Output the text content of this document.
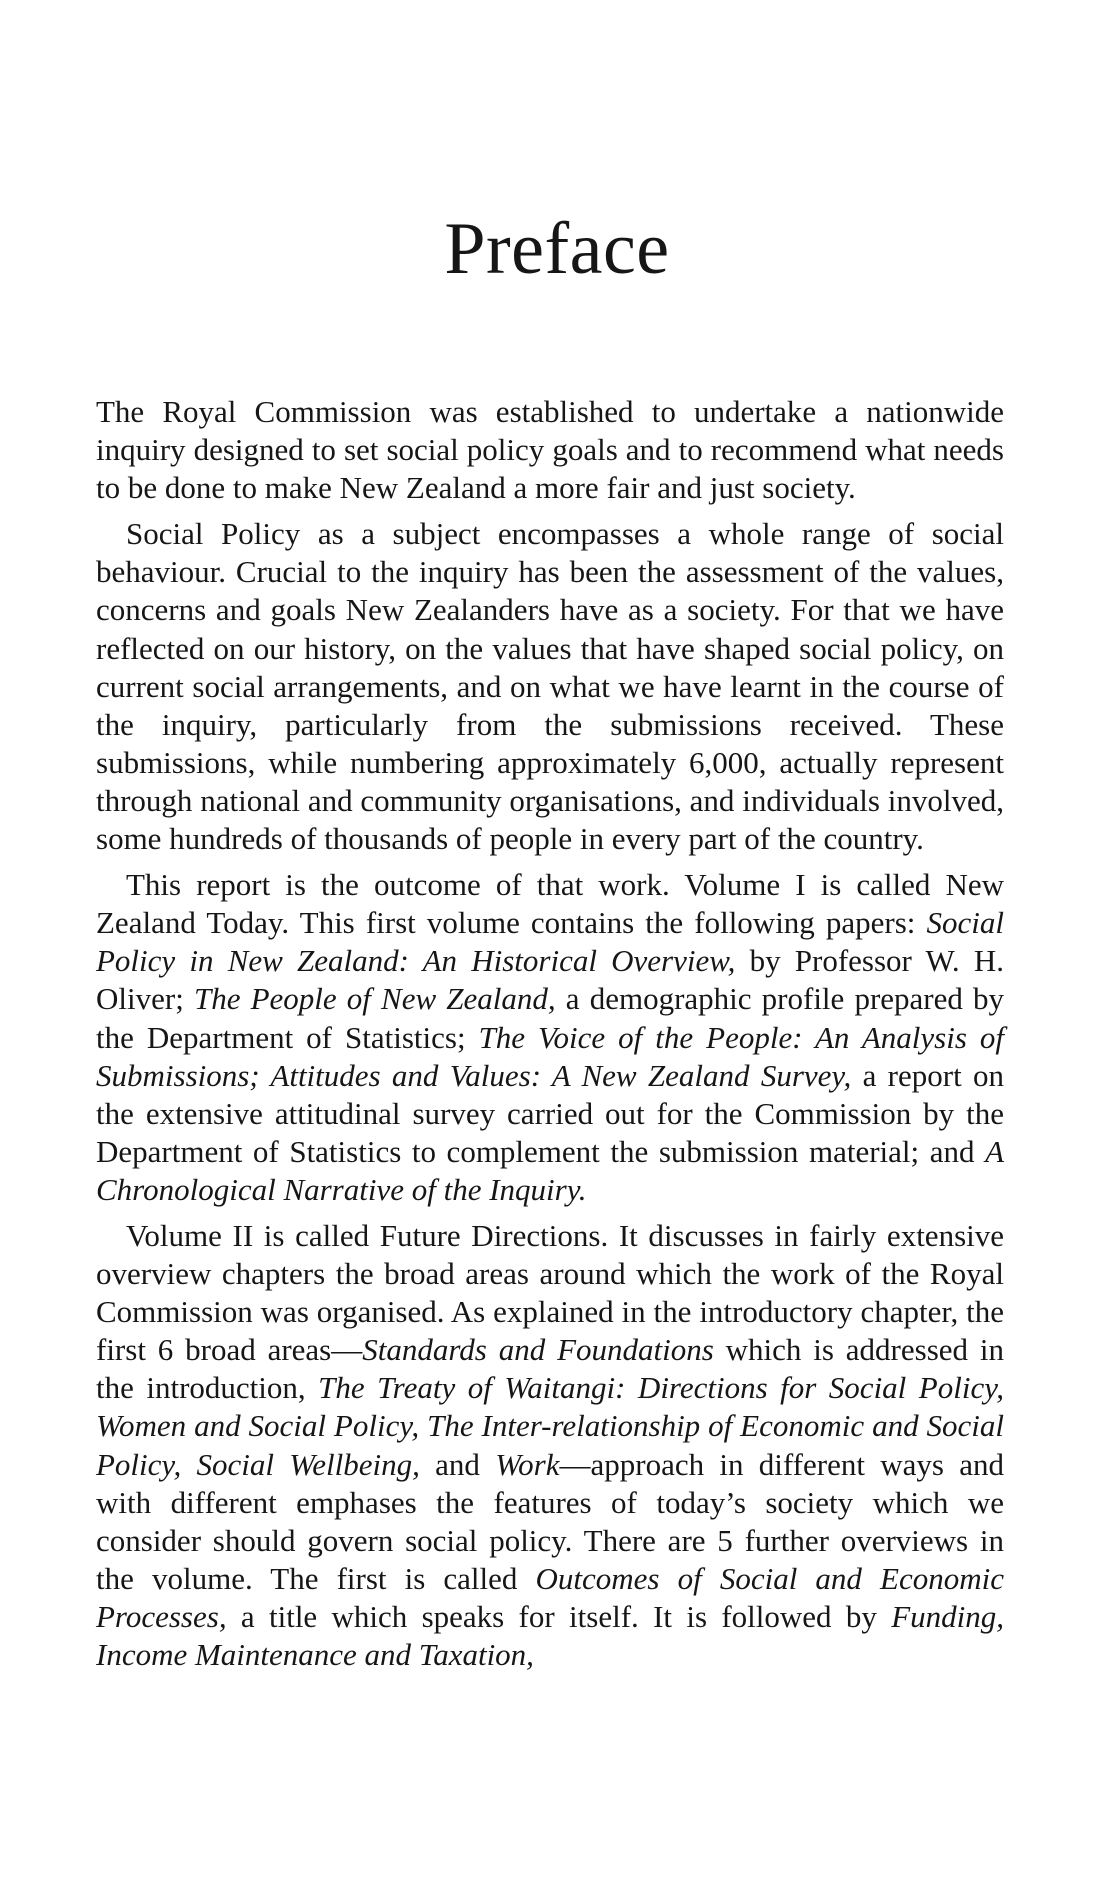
Preface

The Royal Commission was established to undertake a nationwide inquiry designed to set social policy goals and to recommend what needs to be done to make New Zealand a more fair and just society.

Social Policy as a subject encompasses a whole range of social behaviour. Crucial to the inquiry has been the assessment of the values, concerns and goals New Zealanders have as a society. For that we have reflected on our history, on the values that have shaped social policy, on current social arrangements, and on what we have learnt in the course of the inquiry, particularly from the submissions received. These submissions, while numbering approximately 6,000, actually represent through national and community organisations, and individuals involved, some hundreds of thousands of people in every part of the country.

This report is the outcome of that work. Volume I is called New Zealand Today. This first volume contains the following papers: Social Policy in New Zealand: An Historical Overview, by Professor W. H. Oliver; The People of New Zealand, a demographic profile prepared by the Department of Statistics; The Voice of the People: An Analysis of Submissions; Attitudes and Values: A New Zealand Survey, a report on the extensive attitudinal survey carried out for the Commission by the Department of Statistics to complement the submission material; and A Chronological Narrative of the Inquiry.

Volume II is called Future Directions. It discusses in fairly extensive overview chapters the broad areas around which the work of the Royal Commission was organised. As explained in the introductory chapter, the first 6 broad areas—Standards and Foundations which is addressed in the introduction, The Treaty of Waitangi: Directions for Social Policy, Women and Social Policy, The Inter-relationship of Economic and Social Policy, Social Wellbeing, and Work—approach in different ways and with different emphases the features of today’s society which we consider should govern social policy. There are 5 further overviews in the volume. The first is called Outcomes of Social and Economic Processes, a title which speaks for itself. It is followed by Funding, Income Maintenance and Taxation,
